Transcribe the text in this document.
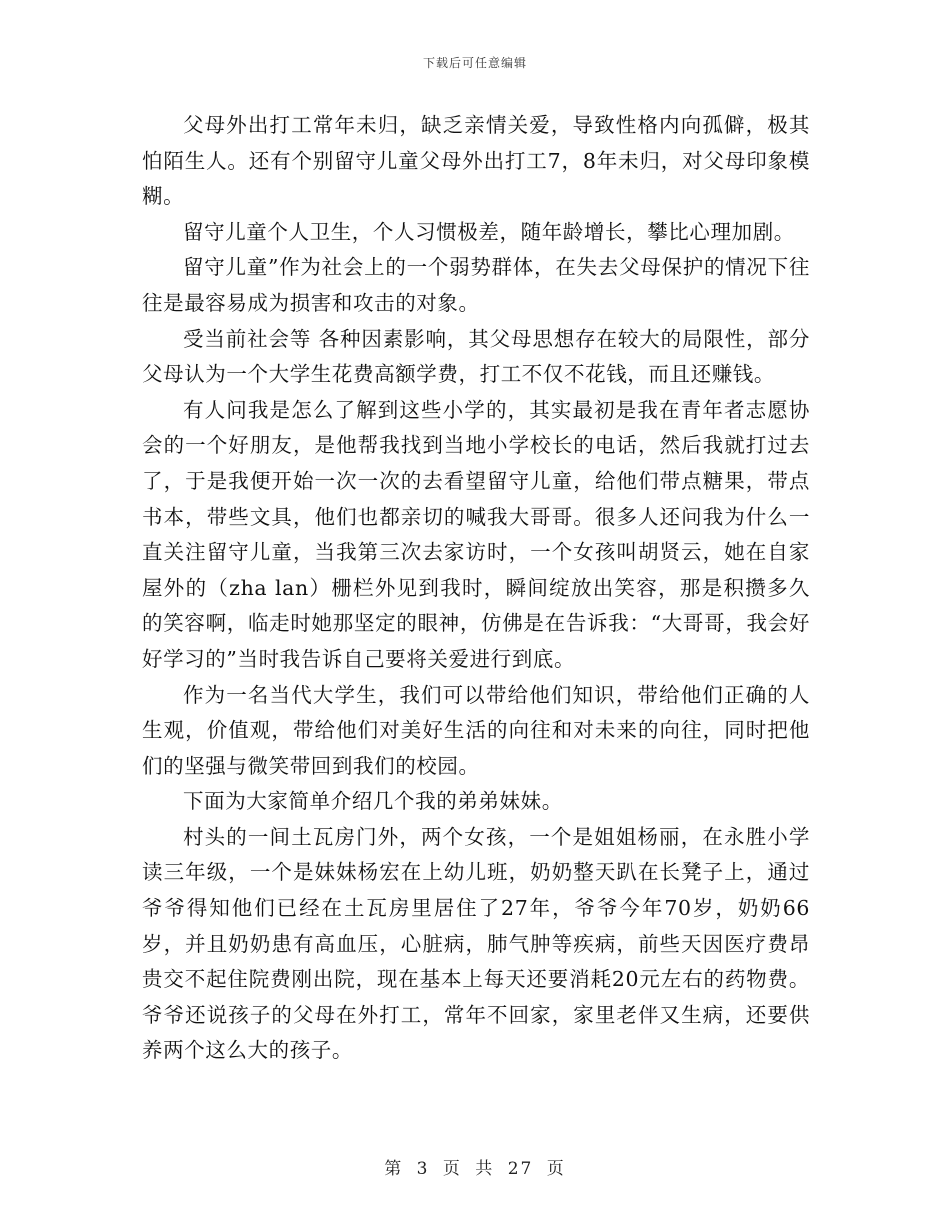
下载后可任意编辑

父母外出打工常年未归，缺乏亲情关爱，导致性格内向孤僻，极其怕陌生人。还有个别留守儿童父母外出打工7，8年未归，对父母印象模糊。

留守儿童个人卫生，个人习惯极差，随年龄增长，攀比心理加剧。

留守儿童”作为社会上的一个弱势群体，在失去父母保护的情况下往往是最容易成为损害和攻击的对象。

受当前社会等 各种因素影响，其父母思想存在较大的局限性，部分父母认为一个大学生花费高额学费，打工不仅不花钱，而且还赚钱。

有人问我是怎么了解到这些小学的，其实最初是我在青年者志愿协会的一个好朋友，是他帮我找到当地小学校长的电话，然后我就打过去了，于是我便开始一次一次的去看望留守儿童，给他们带点糖果，带点书本，带些文具，他们也都亲切的喊我大哥哥。很多人还问我为什么一直关注留守儿童，当我第三次去家访时，一个女孩叫胡贤云，她在自家屋外的（zha lan）栅栏外见到我时，瞬间绽放出笑容，那是积攒多久的笑容啊，临走时她那坚定的眼神，仿佛是在告诉我：“大哥哥，我会好好学习的”当时我告诉自己要将关爱进行到底。

作为一名当代大学生，我们可以带给他们知识，带给他们正确的人生观，价值观，带给他们对美好生活的向往和对未来的向往，同时把他们的坚强与微笑带回到我们的校园。

下面为大家简单介绍几个我的弟弟妹妹。

村头的一间土瓦房门外，两个女孩，一个是姐姐杨丽，在永胜小学读三年级，一个是妹妹杨宏在上幼儿班，奶奶整天趴在长凳子上，通过爷爷得知他们已经在土瓦房里居住了27年，爷爷今年70岁，奶奶66岁，并且奶奶患有高血压，心脏病，肺气肿等疾病，前些天因医疗费昂贵交不起住院费刚出院，现在基本上每天还要消耗20元左右的药物费。爷爷还说孩子的父母在外打工，常年不回家，家里老伴又生病，还要供养两个这么大的孩子。

第 3 页 共 27 页
